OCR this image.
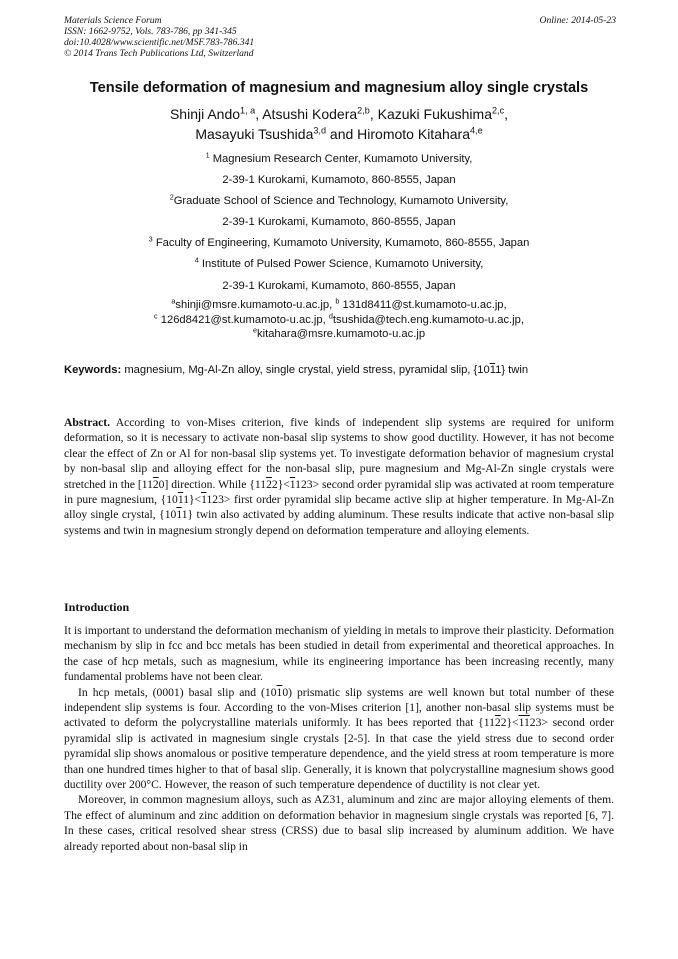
Materials Science Forum
ISSN: 1662-9752, Vols. 783-786, pp 341-345
doi:10.4028/www.scientific.net/MSF.783-786.341
© 2014 Trans Tech Publications Ltd, Switzerland
Online: 2014-05-23
Tensile deformation of magnesium and magnesium alloy single crystals
Shinji Ando$^{1, a}$, Atsushi Kodera$^{2,b}$, Kazuki Fukushima$^{2,c}$,
Masayuki Tsushida$^{3,d}$ and Hiromoto Kitahara$^{4,e}$
$^1$ Magnesium Research Center, Kumamoto University,
2-39-1 Kurokami, Kumamoto, 860-8555, Japan
$^2$Graduate School of Science and Technology, Kumamoto University,
2-39-1 Kurokami, Kumamoto, 860-8555, Japan
$^3$ Faculty of Engineering, Kumamoto University, Kumamoto, 860-8555, Japan
$^4$ Institute of Pulsed Power Science, Kumamoto University,
2-39-1 Kurokami, Kumamoto, 860-8555, Japan
$^a$shinji@msre.kumamoto-u.ac.jp, $^b$ 131d8411@st.kumamoto-u.ac.jp,
$^c$ 126d8421@st.kumamoto-u.ac.jp, $^d$tsushida@tech.eng.kumamoto-u.ac.jp,
$^e$kitahara@msre.kumamoto-u.ac.jp
Keywords: magnesium, Mg-Al-Zn alloy, single crystal, yield stress, pyramidal slip, {1011} twin
Abstract. According to von-Mises criterion, five kinds of independent slip systems are required for uniform deformation, so it is necessary to activate non-basal slip systems to show good ductility. However, it has not become clear the effect of Zn or Al for non-basal slip systems yet. To investigate deformation behavior of magnesium crystal by non-basal slip and alloying effect for the non-basal slip, pure magnesium and Mg-Al-Zn single crystals were stretched in the [1120] direction. While {1122}<1123> second order pyramidal slip was activated at room temperature in pure magnesium, {1011}<1123> first order pyramidal slip became active slip at higher temperature. In Mg-Al-Zn alloy single crystal, {1011} twin also activated by adding aluminum. These results indicate that active non-basal slip systems and twin in magnesium strongly depend on deformation temperature and alloying elements.
Introduction

It is important to understand the deformation mechanism of yielding in metals to improve their plasticity. Deformation mechanism by slip in fcc and bcc metals has been studied in detail from experimental and theoretical approaches. In the case of hcp metals, such as magnesium, while its engineering importance has been increasing recently, many fundamental problems have not been clear.

In hcp metals, (0001) basal slip and (1010) prismatic slip systems are well known but total number of these independent slip systems is four. According to the von-Mises criterion [1], another non-basal slip systems must be activated to deform the polycrystalline materials uniformly. It has bees reported that {1122}<1123> second order pyramidal slip is activated in magnesium single crystals [2-5]. In that case the yield stress due to second order pyramidal slip shows anomalous or positive temperature dependence, and the yield stress at room temperature is more than one hundred times higher to that of basal slip. Generally, it is known that polycrystalline magnesium shows good ductility over 200°C. However, the reason of such temperature dependence of ductility is not clear yet.

Moreover, in common magnesium alloys, such as AZ31, aluminum and zinc are major alloying elements of them. The effect of aluminum and zinc addition on deformation behavior in magnesium single crystals was reported [6, 7]. In these cases, critical resolved shear stress (CRSS) due to basal slip increased by aluminum addition. We have already reported about non-basal slip in
